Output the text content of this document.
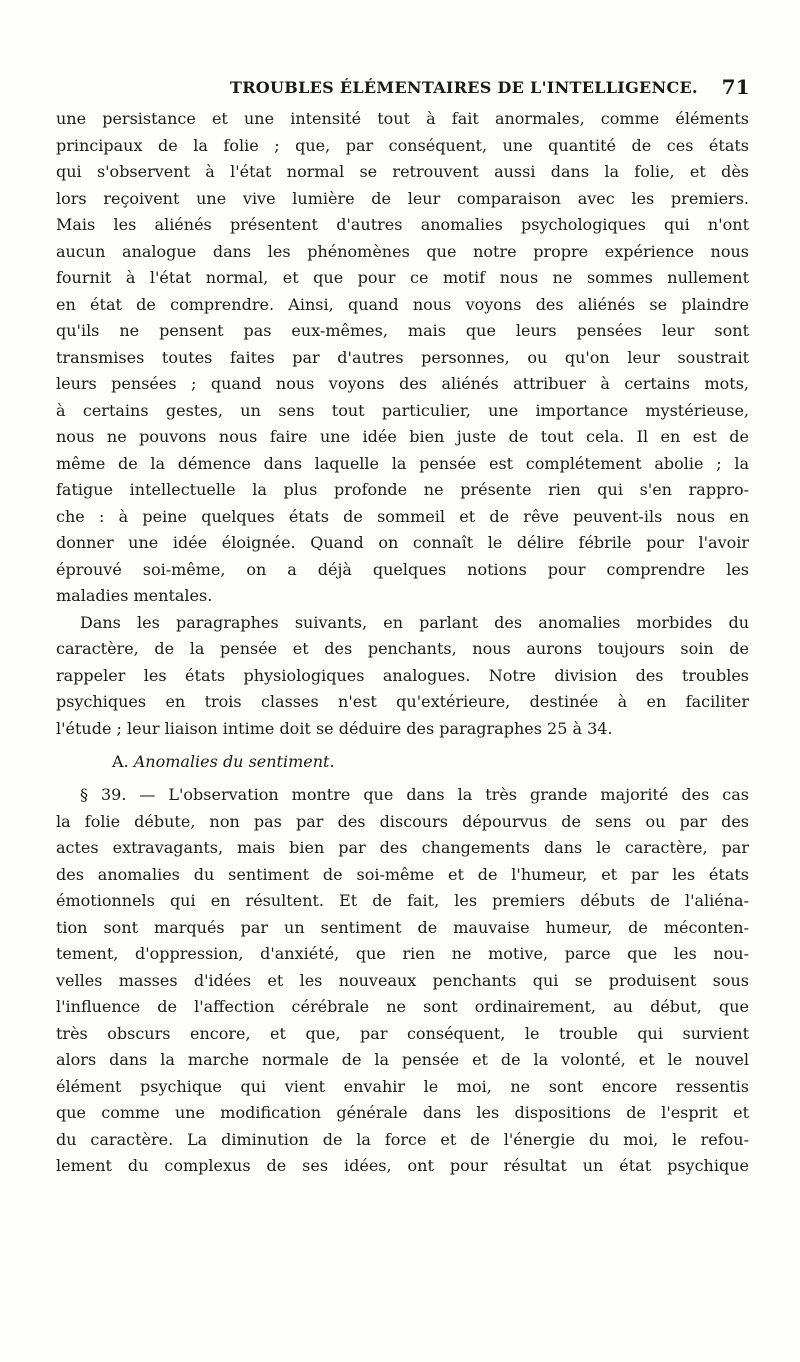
TROUBLES ÉLÉMENTAIRES DE L'INTELLIGENCE. 71
une persistance et une intensité tout à fait anormales, comme éléments
principaux de la folie ; que, par conséquent, une quantité de ces états
qui s'observent à l'état normal se retrouvent aussi dans la folie, et dès
lors reçoivent une vive lumière de leur comparaison avec les premiers.
Mais les aliénés présentent d'autres anomalies psychologiques qui n'ont
aucun analogue dans les phénomènes que notre propre expérience nous
fournit à l'état normal, et que pour ce motif nous ne sommes nullement
en état de comprendre. Ainsi, quand nous voyons des aliénés se plaindre
qu'ils ne pensent pas eux-mêmes, mais que leurs pensées leur sont
transmises toutes faites par d'autres personnes, ou qu'on leur soustrait
leurs pensées ; quand nous voyons des aliénés attribuer à certains mots,
à certains gestes, un sens tout particulier, une importance mystérieuse,
nous ne pouvons nous faire une idée bien juste de tout cela. Il en est de
même de la démence dans laquelle la pensée est complétement abolie ; la
fatigue intellectuelle la plus profonde ne présente rien qui s'en rappro-
che : à peine quelques états de sommeil et de rêve peuvent-ils nous en
donner une idée éloignée. Quand on connaît le délire fébrile pour l'avoir
éprouvé soi-même, on a déjà quelques notions pour comprendre les
maladies mentales.
Dans les paragraphes suivants, en parlant des anomalies morbides du
caractère, de la pensée et des penchants, nous aurons toujours soin de
rappeler les états physiologiques analogues. Notre division des troubles
psychiques en trois classes n'est qu'extérieure, destinée à en faciliter
l'étude ; leur liaison intime doit se déduire des paragraphes 25 à 34.
A. Anomalies du sentiment.
§ 39. — L'observation montre que dans la très grande majorité des cas
la folie débute, non pas par des discours dépourvus de sens ou par des
actes extravagants, mais bien par des changements dans le caractère, par
des anomalies du sentiment de soi-même et de l'humeur, et par les états
émotionnels qui en résultent. Et de fait, les premiers débuts de l'aliéna-
tion sont marqués par un sentiment de mauvaise humeur, de méconten-
tement, d'oppression, d'anxiété, que rien ne motive, parce que les nou-
velles masses d'idées et les nouveaux penchants qui se produisent sous
l'influence de l'affection cérébrale ne sont ordinairement, au début, que
très obscurs encore, et que, par conséquent, le trouble qui survient
alors dans la marche normale de la pensée et de la volonté, et le nouvel
élément psychique qui vient envahir le moi, ne sont encore ressentis
que comme une modification générale dans les dispositions de l'esprit et
du caractère. La diminution de la force et de l'énergie du moi, le refou-
lement du complexus de ses idées, ont pour résultat un état psychique
